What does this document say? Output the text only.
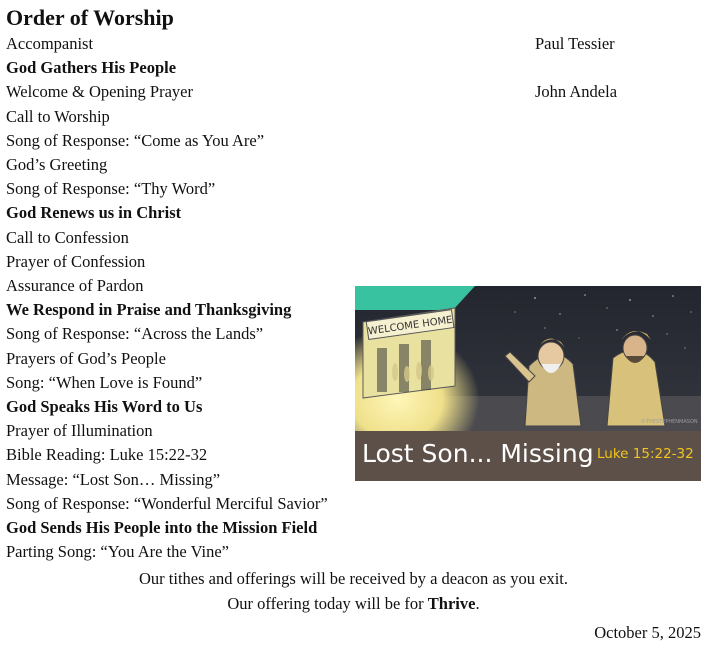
Order of Worship
Accompanist	Paul Tessier
God Gathers His People
Welcome & Opening Prayer	John Andela
Call to Worship
Song of Response: “Come as You Are”
God’s Greeting
Song of Response: “Thy Word”
God Renews us in Christ
Call to Confession
Prayer of Confession
Assurance of Pardon
We Respond in Praise and Thanksgiving
Song of Response: “Across the Lands”
Prayers of God’s People
Song: “When Love is Found”
God Speaks His Word to Us
Prayer of Illumination
Bible Reading: Luke 15:22-32
Message: “Lost Son… Missing”
Song of Response: “Wonderful Merciful Savior”
God Sends His People into the Mission Field
Parting Song: “You Are the Vine”
WELCOME HOME
©THESTEPHENMASON
Lost Son... Missing Luke 15:22-32
Our tithes and offerings will be received by a deacon as you exit.
Our offering today will be for Thrive.
October 5, 2025
